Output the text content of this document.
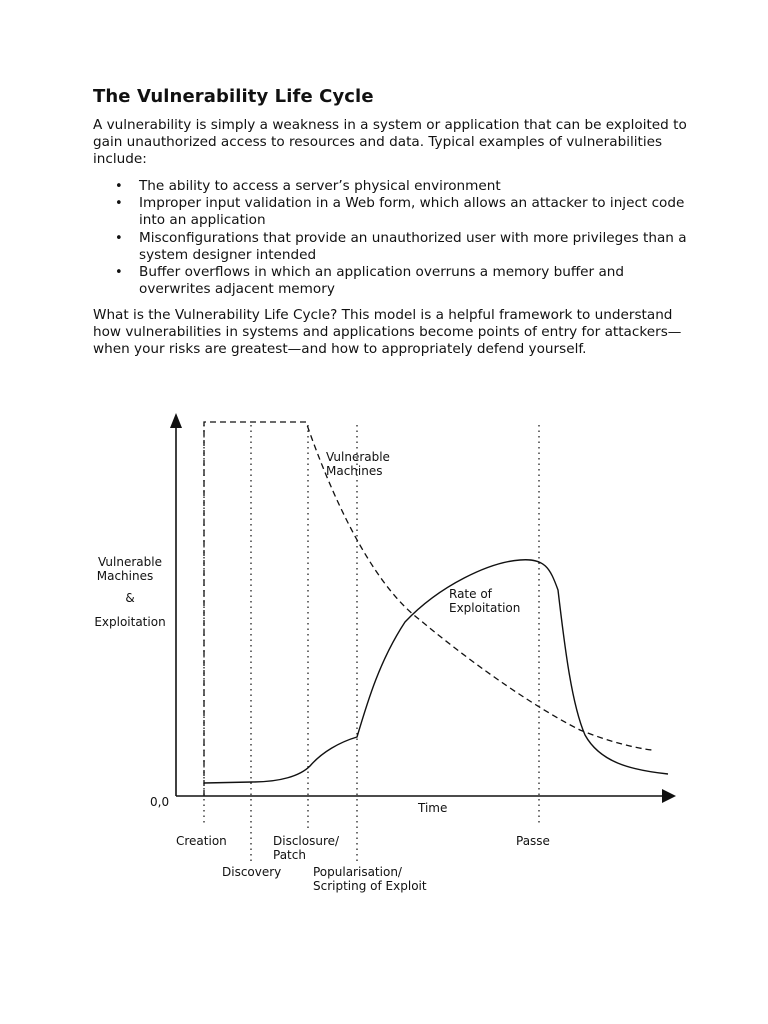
The Vulnerability Life Cycle

A vulnerability is simply a weakness in a system or application that can be exploited to gain unauthorized access to resources and data. Typical examples of vulnerabilities include:

• The ability to access a server’s physical environment
• Improper input validation in a Web form, which allows an attacker to inject code into an application
• Misconfigurations that provide an unauthorized user with more privileges than a system designer intended
• Buffer overflows in which an application overruns a memory buffer and overwrites adjacent memory

What is the Vulnerability Life Cycle? This model is a helpful framework to understand how vulnerabilities in systems and applications become points of entry for attackers— when your risks are greatest—and how to appropriately defend yourself.

Vulnerable
Machines
&
Exploitation
0,0	Time
Vulnerable
Machines
Rate of
Exploitation
Creation
Discovery
Disclosure/
Patch
Popularisation/
Scripting of Exploit
Passe
